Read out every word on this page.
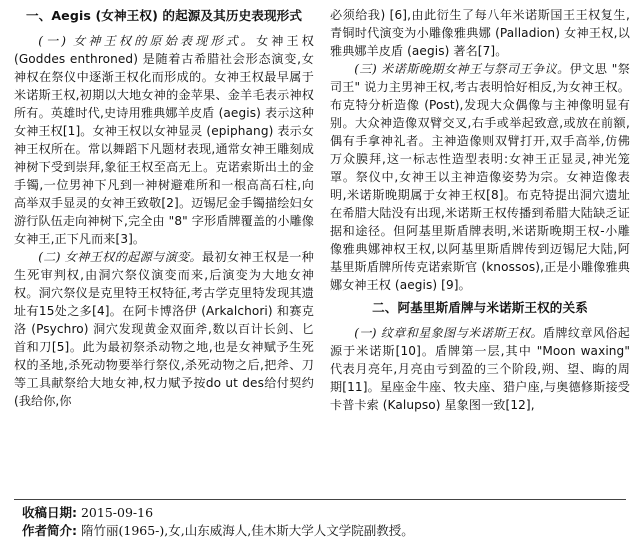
一、Aegis (女神王权) 的起源及其历史表现形式

(一) 女神王权的原始表现形式。女神王权 (Goddes enthroned) 是随着古希腊社会形态演变,女神权在祭仪中逐渐王权化而形成的。女神王权最早属于米诺斯王权,初期以大地女神的金苹果、金羊毛表示神权所有。英雄时代,史诗用雅典娜羊皮盾 (aegis) 表示这种女神王权[1]。女神王权以女神显灵 (epiphang) 表示女神王权所在。常以舞蹈下凡题材表现,通常女神王雕刻成神树下受到崇拜,象征王权至高无上。克诺索斯出土的金手镯,一位男神下凡到一神树避难所和一根高高石柱,向高举双手显灵的女神王致敬[2]。迈锡尼金手镯描绘妇女游行队伍走向神树下,完全由 "8" 字形盾牌覆盖的小雕像女神王,正下凡而来[3]。

(二) 女神王权的起源与演变。最初女神王权是一种生死审判权,由洞穴祭仪演变而来,后演变为大地女神权。洞穴祭仪是克里特王权特征,考古学克里特发现其遗址有15处之多[4]。在阿卡博洛伊 (Arkalchori) 和赛克洛 (Psychro) 洞穴发现黄金双面斧,数以百计长剑、匕首和刀[5]。此为最初祭杀动物之地,也是女神赋予生死权的圣地,杀死动物要举行祭仪,杀死动物之后,把斧、刀等工具献祭给大地女神,权力赋予按do ut des给付契约 (我给你,你

必须给我) [6],由此衍生了每八年米诺斯国王王权复生,青铜时代演变为小雕像雅典娜 (Palladion) 女神王权,以雅典娜羊皮盾 (aegis) 著名[7]。

(三) 米诺斯晚期女神王与祭司王争议。伊文思 "祭司王" 说力主男神王权,考古表明恰好相反,为女神王权。布克特分析造像 (Post),发现大众偶像与主神像明显有别。大众神造像双臂交叉,右手或举起致意,或放在前额,偶有手拿神礼者。主神造像则双臂打开,双手高举,仿佛万众膜拜,这一标志性造型表明:女神王正显灵,神光笼罩。祭仪中,女神王以主神造像姿势为宗。女神造像表明,米诺斯晚期属于女神王权[8]。布克特提出洞穴遗址在希腊大陆没有出现,米诺斯王权传播到希腊大陆缺乏证据和途径。但阿基里斯盾牌表明,米诺斯晚期王权-小雕像雅典娜神权王权,以阿基里斯盾牌传到迈锡尼大陆,阿基里斯盾牌所传克诺索斯官 (knossos),正是小雕像雅典娜女神王权 (aegis) [9]。

二、阿基里斯盾牌与米诺斯王权的关系

(一) 纹章和星象图与米诺斯王权。盾牌纹章风俗起源于米诺斯[10]。盾牌第一层,其中 "Moon waxing" 代表月亮年,月亮由亏到盈的三个阶段,朔、望、晦的周期[11]。星座金牛座、牧夫座、猎户座,与奥德修斯接受卡普卡索 (Kalupso) 星象图一致[12],

收稿日期: 2015-09-16
作者简介: 隋竹丽(1965-),女,山东威海人,佳木斯大学人文学院副教授。
